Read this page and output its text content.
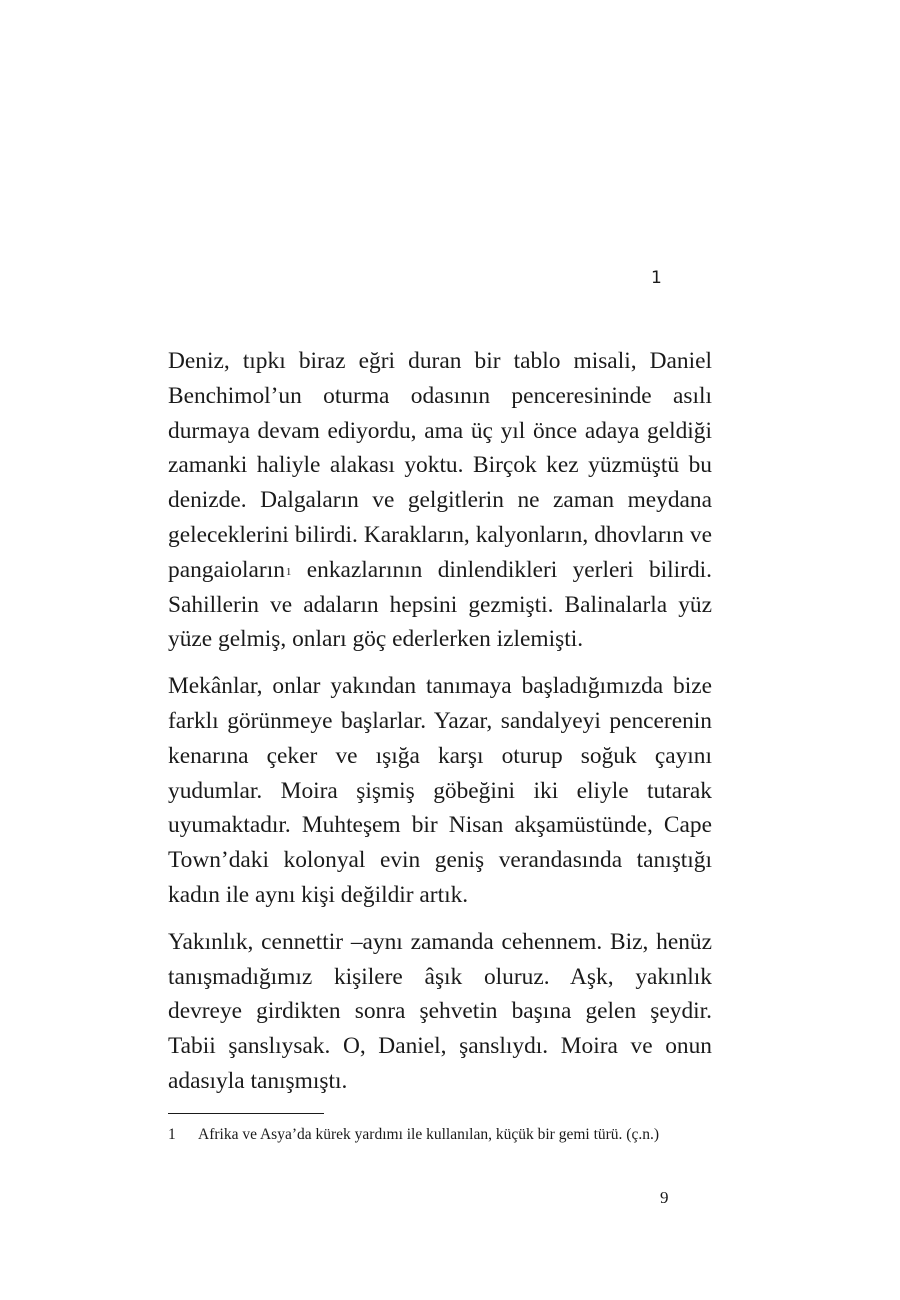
1

Deniz, tıpkı biraz eğri duran bir tablo misali, Daniel Benchimol’un oturma odasının penceresininde asılı durmaya devam ediyordu, ama üç yıl önce adaya geldiği zamanki haliyle alakası yoktu. Birçok kez yüzmüştü bu denizde. Dalgaların ve gelgitlerin ne zaman meydana geleceklerini bilirdi. Karakların, kalyonların, dhovların ve pangaioların$^1$ enkazlarının dinlendikleri yerleri bilirdi. Sahillerin ve adaların hepsini gezmişti. Balinalarla yüz yüze gelmiş, onları göç ederlerken izlemişti.

Mekânlar, onlar yakından tanımaya başladığımızda bize farklı görünmeye başlarlar. Yazar, sandalyeyi pencerenin kenarına çeker ve ışığa karşı oturup soğuk çayını yudumlar. Moira şişmiş göbeğini iki eliyle tutarak uyumaktadır. Muhteşem bir Nisan akşamüstünde, Cape Town’daki kolonyal evin geniş verandasında tanıştığı kadın ile aynı kişi değildir artık.

Yakınlık, cennettir –aynı zamanda cehennem. Biz, henüz tanışmadığımız kişilere âşık oluruz. Aşk, yakınlık devreye girdikten sonra şehvetin başına gelen şeydir. Tabii şanslıysak. O, Daniel, şanslıydı. Moira ve onun adasıyla tanışmıştı.

1 Afrika ve Asya’da kürek yardımı ile kullanılan, küçük bir gemi türü. (ç.n.)
9
